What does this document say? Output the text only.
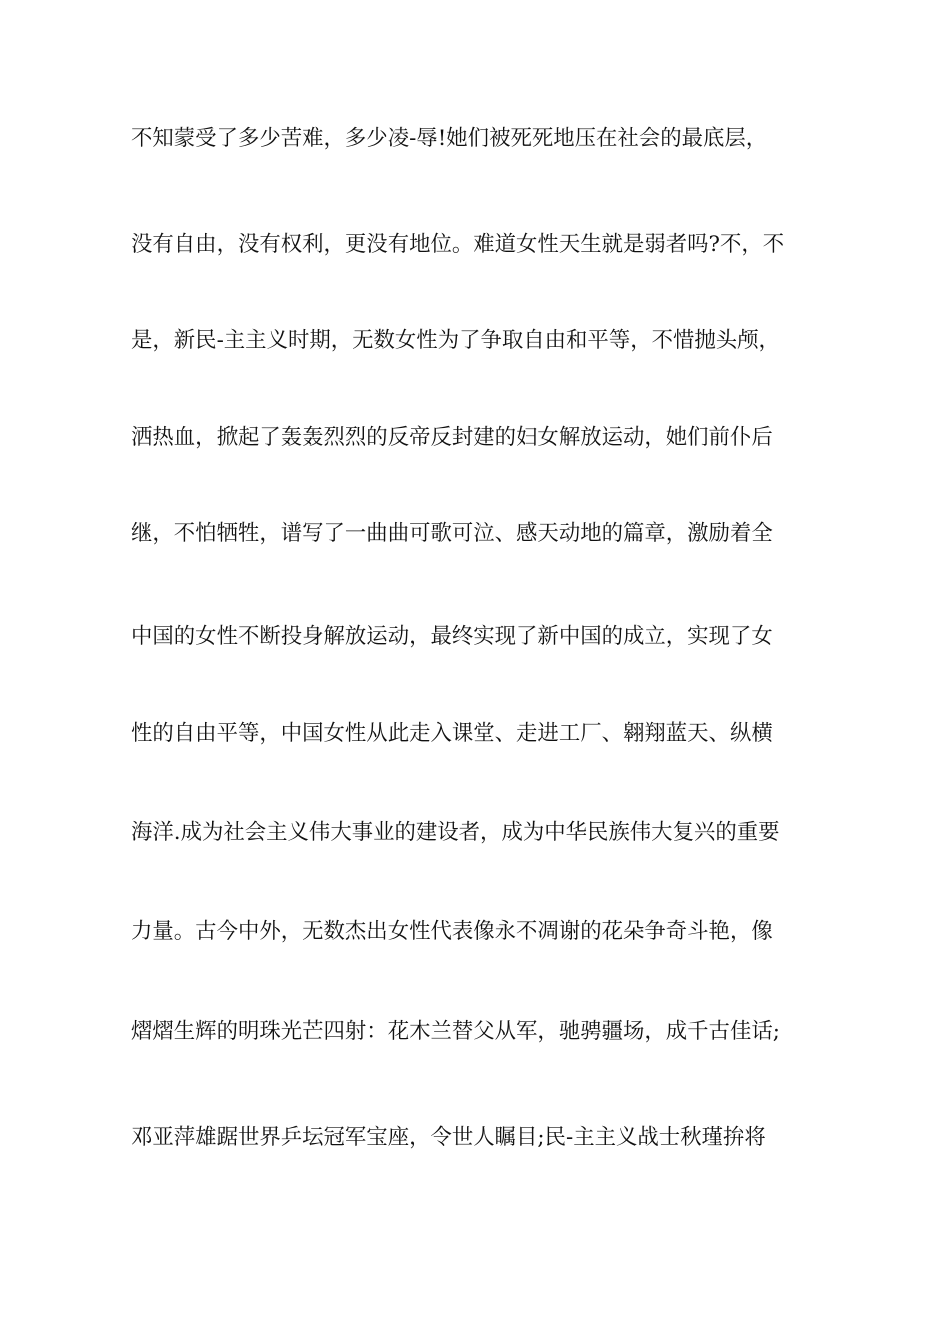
不知蒙受了多少苦难，多少凌-辱!她们被死死地压在社会的最底层，
没有自由，没有权利，更没有地位。难道女性天生就是弱者吗?不，不
是，新民-主主义时期，无数女性为了争取自由和平等，不惜抛头颅，
洒热血，掀起了轰轰烈烈的反帝反封建的妇女解放运动，她们前仆后
继，不怕牺牲，谱写了一曲曲可歌可泣、感天动地的篇章，激励着全
中国的女性不断投身解放运动，最终实现了新中国的成立，实现了女
性的自由平等，中国女性从此走入课堂、走进工厂、翱翔蓝天、纵横
海洋.成为社会主义伟大事业的建设者，成为中华民族伟大复兴的重要
力量。古今中外，无数杰出女性代表像永不凋谢的花朵争奇斗艳，像
熠熠生辉的明珠光芒四射：花木兰替父从军，驰骋疆场，成千古佳话;
邓亚萍雄踞世界乒坛冠军宝座，令世人瞩目;民-主主义战士秋瑾拚将
